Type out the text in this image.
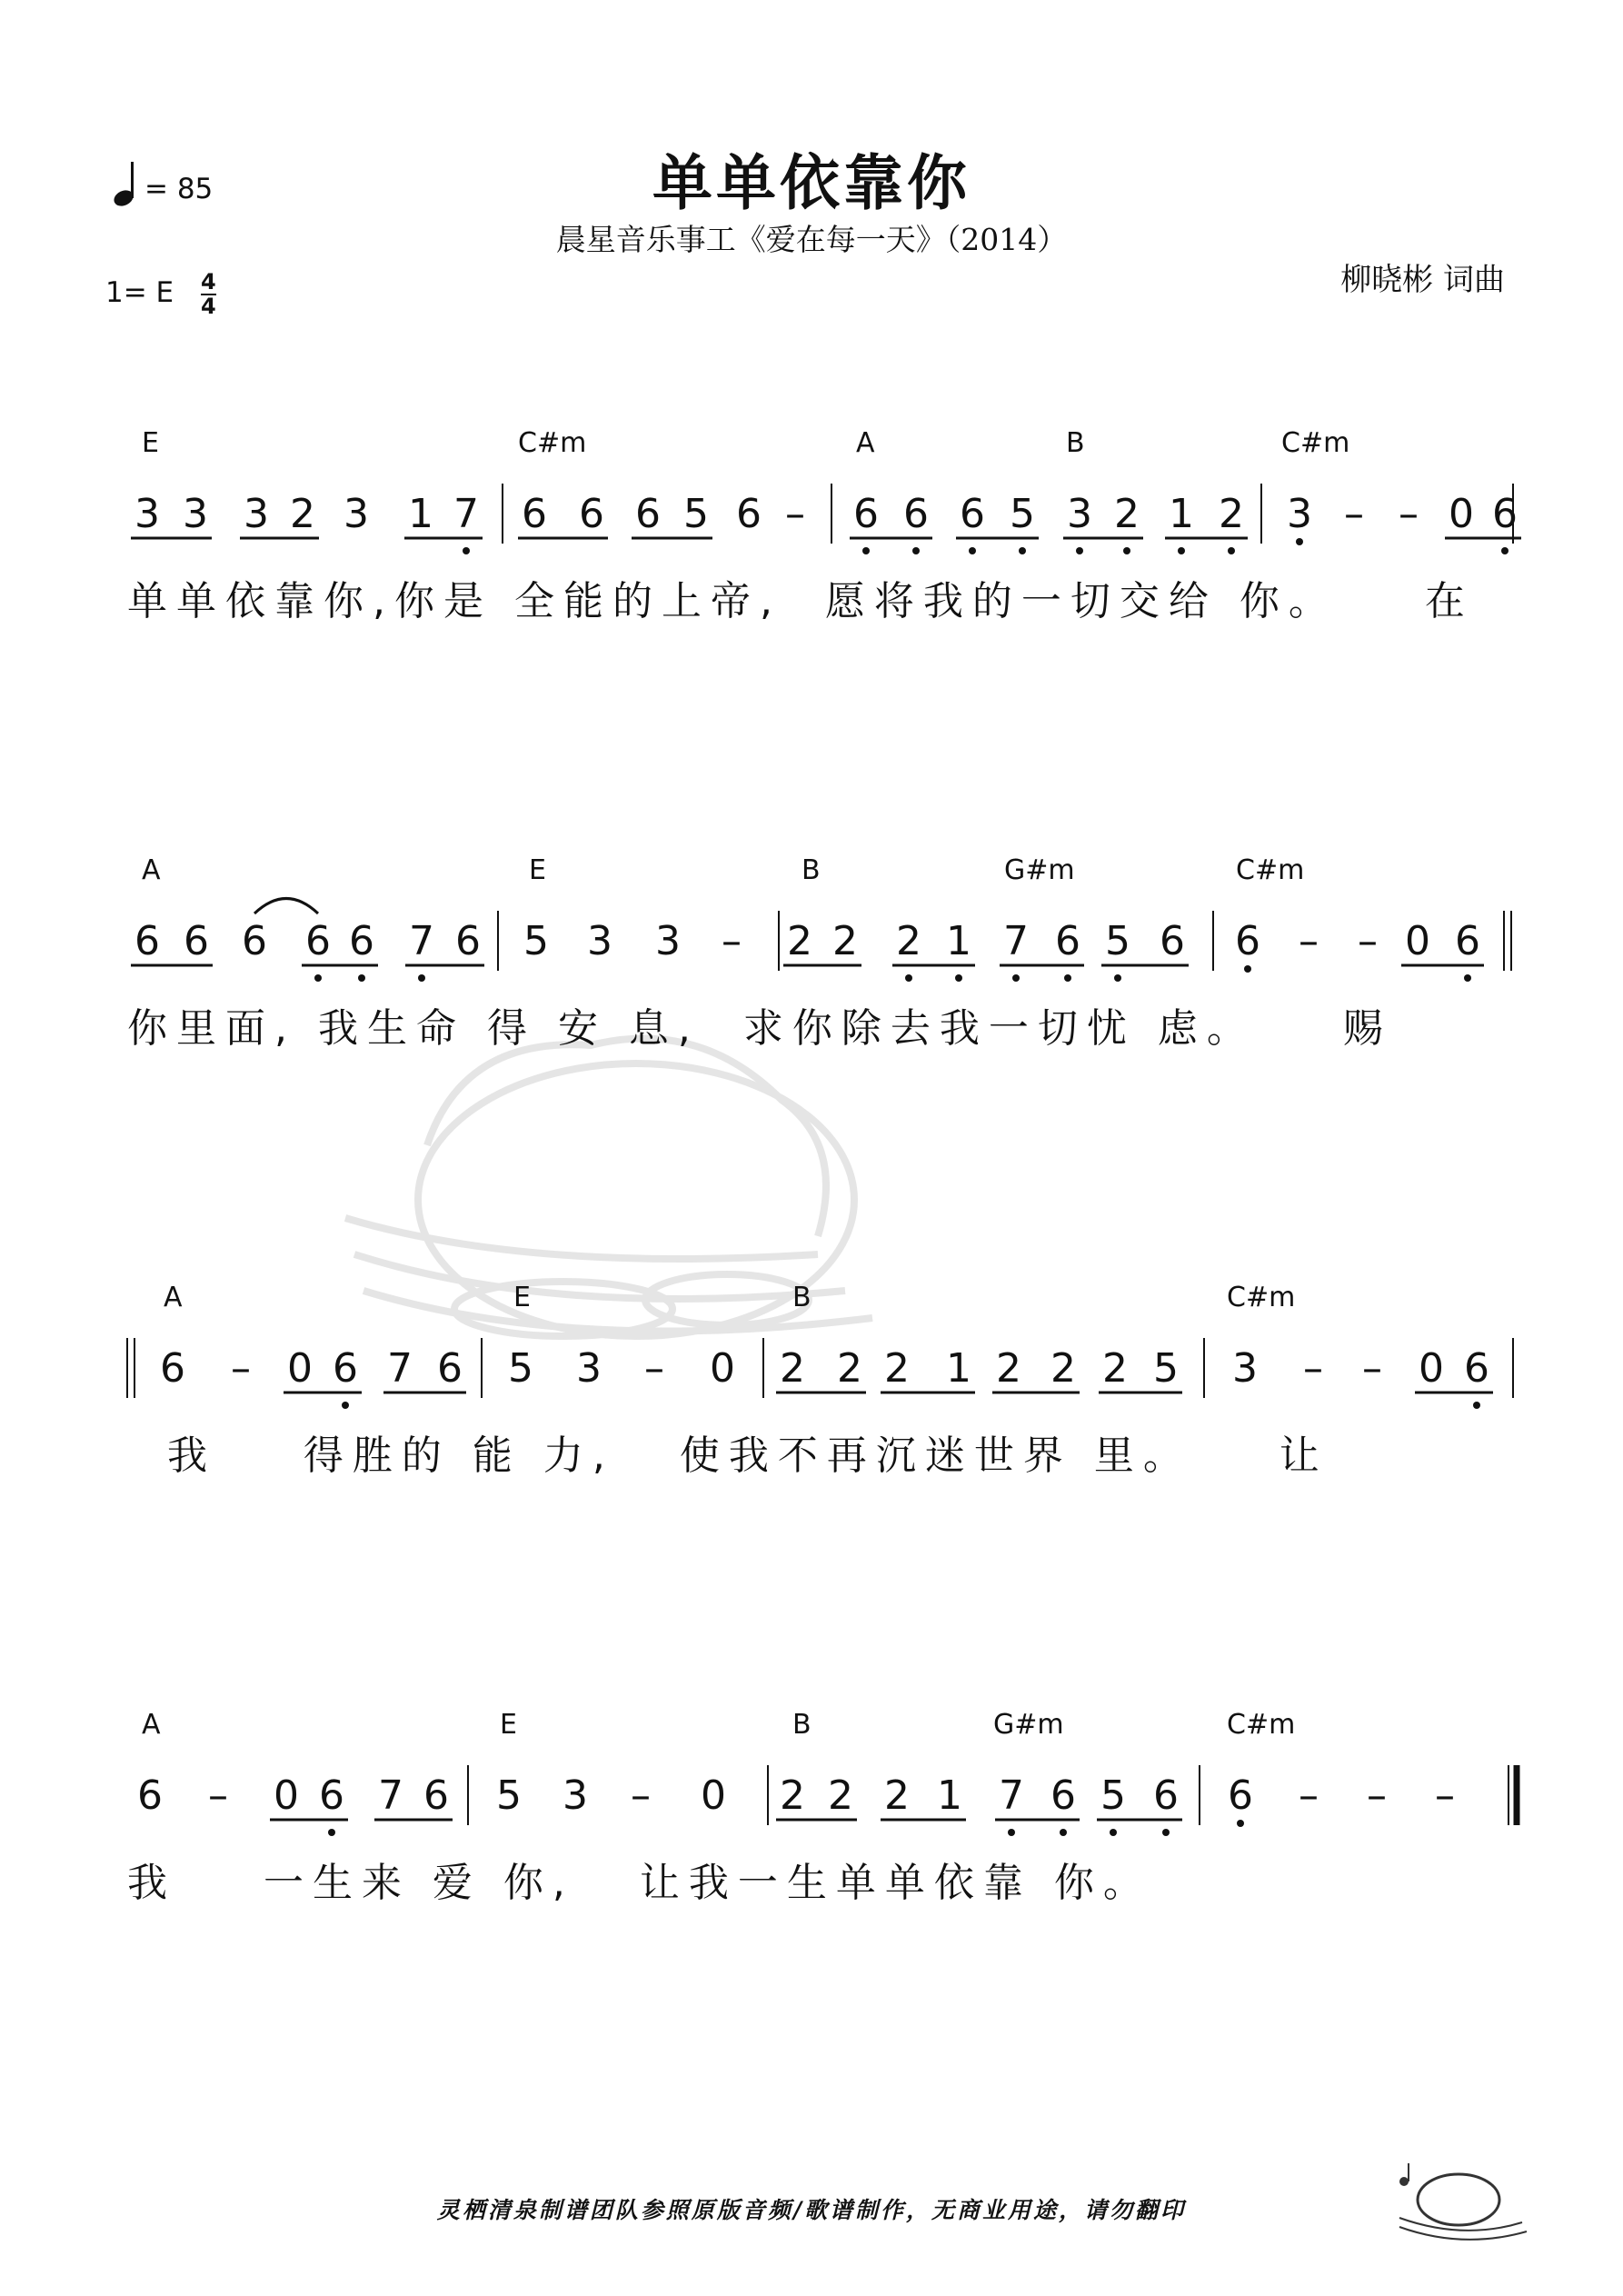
单单依靠你
晨星音乐事工《爱在每一天》（2014）
柳晓彬 词曲
= 85
1= E $\frac{4}{4}$
3 3 3 2 3 1 7 6 6 6 5 6 – 6 6 6 5 3 2 1 2 3 – – 0 6
6 6 6 6 6 7 6 5 3 3 – 2 2 2 1 7 6 5 6 6 – – 0 6
6 – 0 6 7 6 5 3 – 0 2 2 2 1 2 2 2 5 3 – – 0 6
6 – 0 6 7 6 5 3 – 0 2 2 2 1 7 6 5 6 6 – – –
E	C#m	A	B	C#m
单单依靠你,你是 全能的上帝,  愿将我的一切交给 你。    在
A	E	B	G#m	C#m
你里面, 我生命 得 安 息,  求你除去我一切忧 虑。    赐
A	E	B	C#m
我    得胜的 能 力,   使我不再沉迷世界 里。    让
A	E	B	G#m	C#m
我    一生来 爱 你,   让我一生单单依靠 你。
灵栖清泉制谱团队参照原版音频/歌谱制作，无商业用途，请勿翻印
